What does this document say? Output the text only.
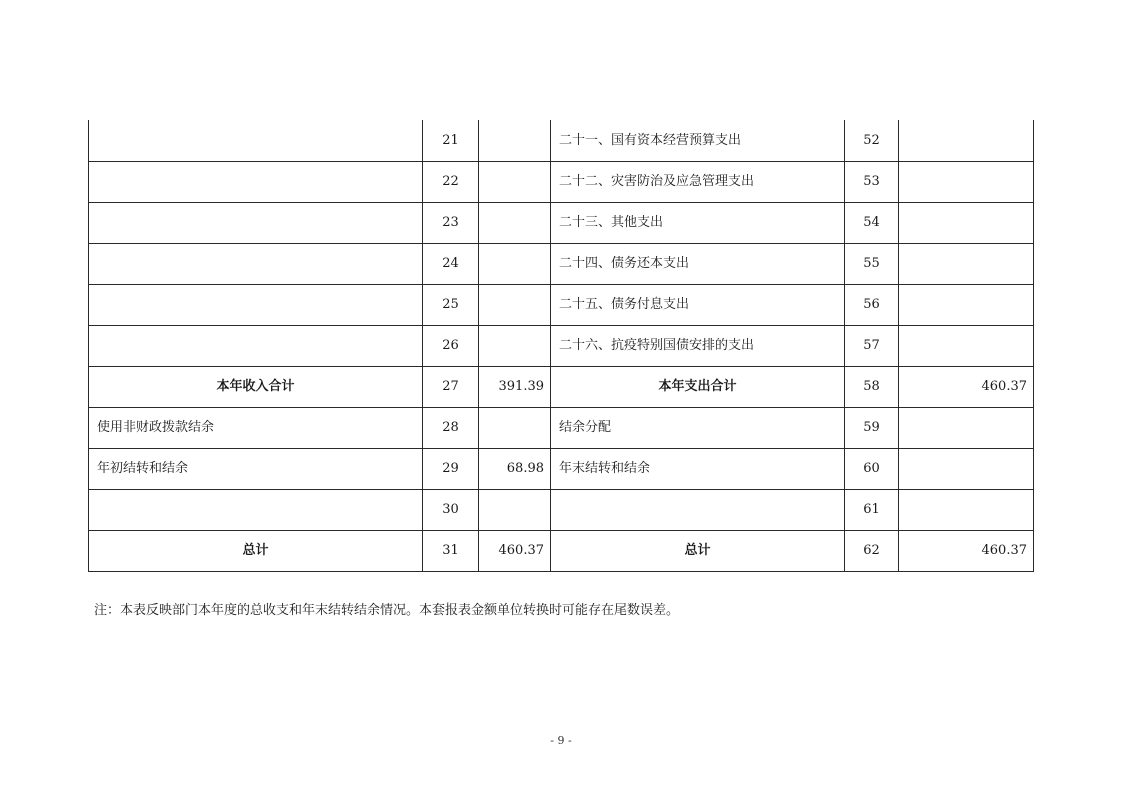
	21		二十一、国有资本经营预算支出	52	
	22		二十二、灾害防治及应急管理支出	53	
	23		二十三、其他支出	54	
	24		二十四、债务还本支出	55	
	25		二十五、债务付息支出	56	
	26		二十六、抗疫特别国债安排的支出	57	
本年收入合计	27	391.39	本年支出合计	58	460.37
使用非财政拨款结余	28		结余分配	59	
年初结转和结余	29	68.98	年末结转和结余	60	
	30			61	
总计	31	460.37	总计	62	460.37
注：本表反映部门本年度的总收支和年末结转结余情况。本套报表金额单位转换时可能存在尾数误差。
- 9 -
